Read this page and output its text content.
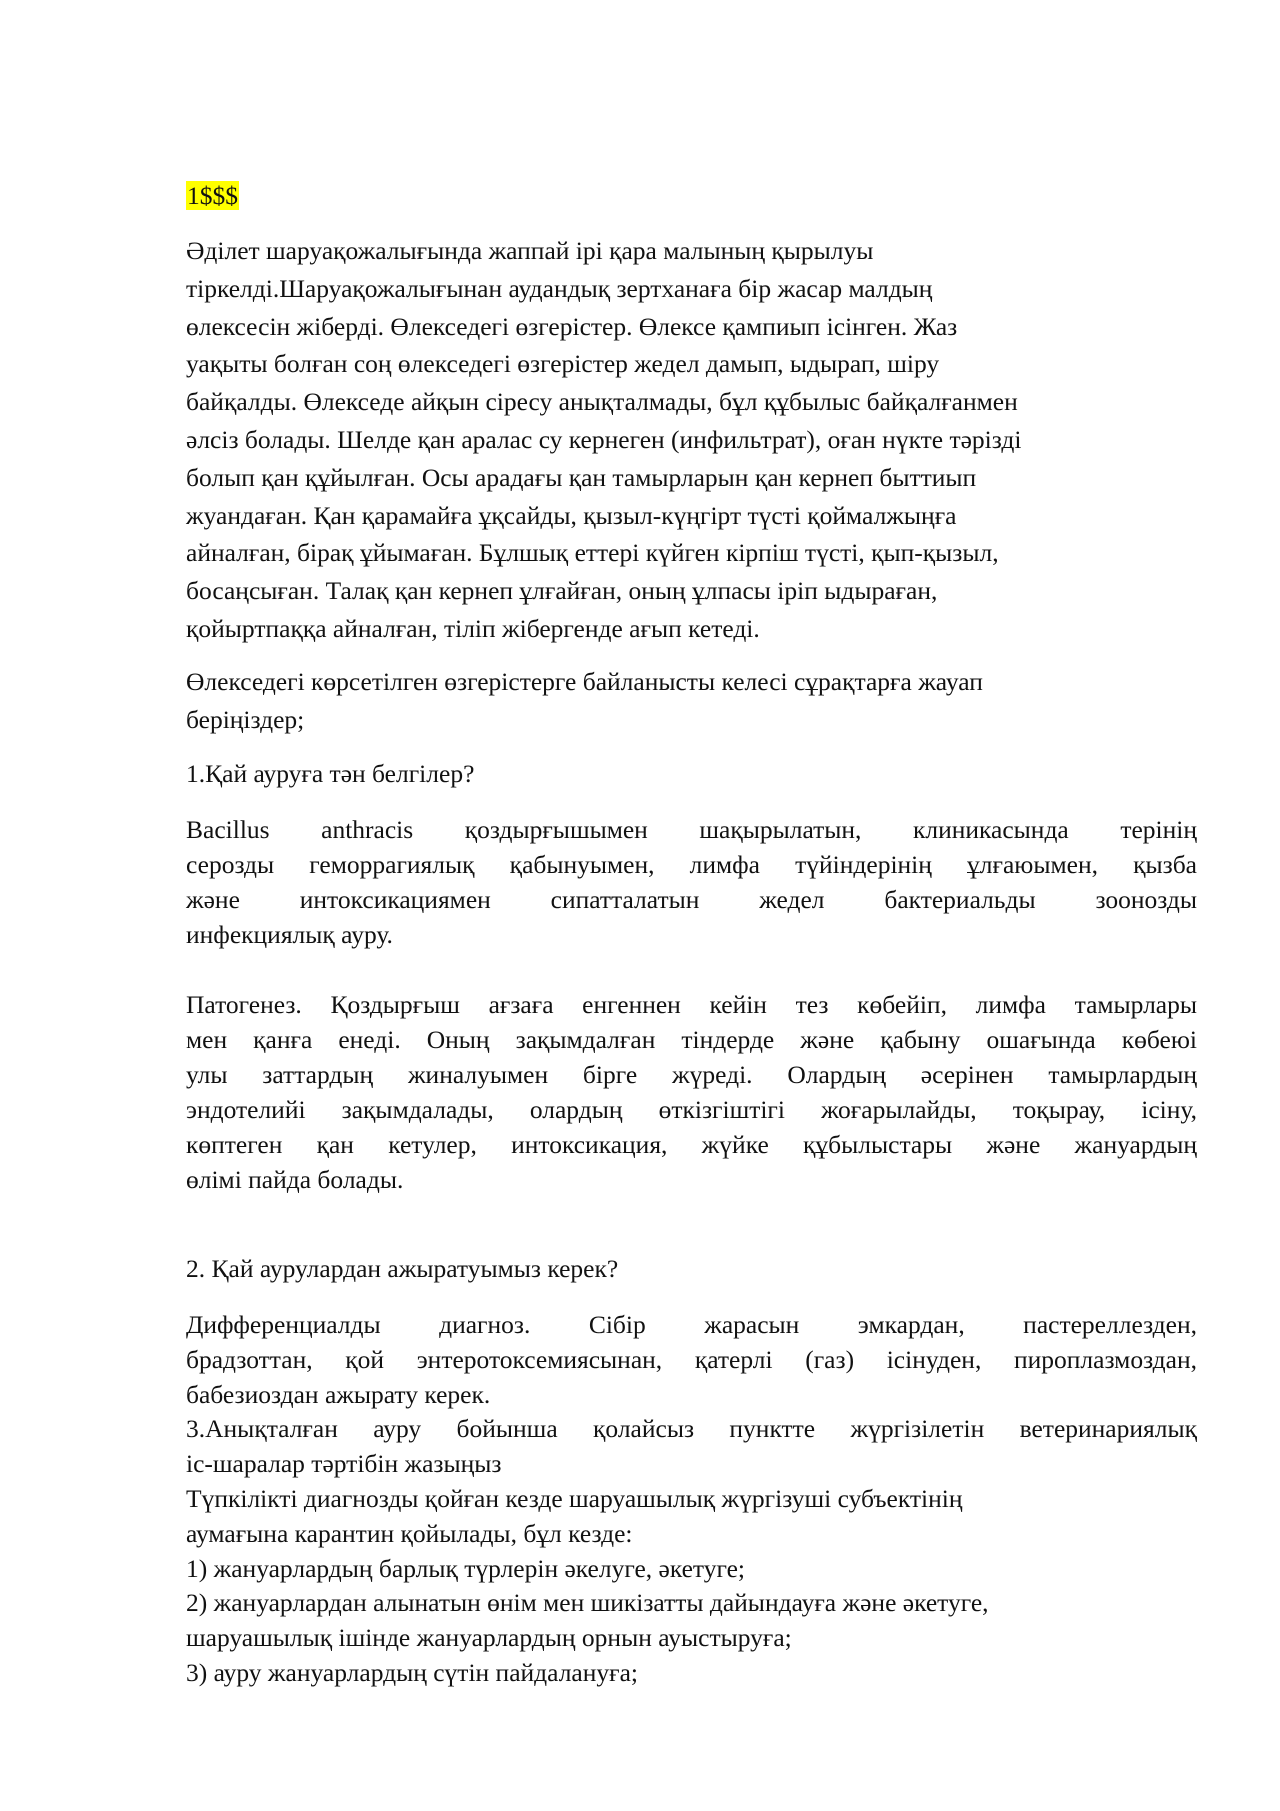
1$$$
Әділет шаруақожалығында жаппай ірі қара малының қырылуы
тіркелді.Шаруақожалығынан аудандық зертханаға бір жасар малдың
өлексесін жіберді. Өлекседегі өзгерістер. Өлексе қампиып ісінген. Жаз
уақыты болған соң өлекседегі өзгерістер жедел дамып, ыдырап, шіру
байқалды. Өлекседе айқын сіресу анықталмады, бұл құбылыс байқалғанмен
әлсіз болады. Шелде қан аралас су кернеген (инфильтрат), оған нүкте тәрізді
болып қан құйылған. Осы арадағы қан тамырларын қан кернеп быттиып
жуандаған. Қан қарамайға ұқсайды, қызыл-күңгірт түсті қоймалжыңға
айналған, бірақ ұйымаған. Бұлшық еттері күйген кірпіш түсті, қып-қызыл,
босаңсыған. Талақ қан кернеп ұлғайған, оның ұлпасы іріп ыдыраған,
қойыртпаққа айналған, тіліп жібергенде ағып кетеді.
Өлекседегі көрсетілген өзгерістерге байланысты келесі сұрақтарға жауап
беріңіздер;
1.Қай ауруға тән белгілер?
Bacillus anthracis қоздырғышымен шақырылатын, клиникасында терінің
серозды геморрагиялық қабынуымен, лимфа түйіндерінің ұлғаюымен, қызба
және интоксикациямен сипатталатын жедел бактериальды зоонозды
инфекциялық ауру.
Патогенез. Қоздырғыш ағзаға енгеннен кейін тез көбейіп, лимфа тамырлары
мен қанға енеді. Оның зақымдалған тіндерде және қабыну ошағында көбеюі
улы заттардың жиналуымен бірге жүреді. Олардың әсерінен тамырлардың
эндотелийі зақымдалады, олардың өткізгіштігі жоғарылайды, тоқырау, ісіну,
көптеген қан кетулер, интоксикация, жүйке құбылыстары және жануардың
өлімі пайда болады.
2. Қай аурулардан ажыратуымыз керек?
Дифференциалды диагноз. Сібір жарасын эмкардан, пастереллезден,
брадзоттан, қой энтеротоксемиясынан, қатерлі (газ) ісінуден, пироплазмоздан,
бабезиоздан ажырату керек.
3.Анықталған ауру бойынша қолайсыз пунктте жүргізілетін ветеринариялық
іс-шаралар тәртібін жазыңыз
Түпкілікті диагнозды қойған кезде шаруашылық жүргізуші субъектінің
аумағына карантин қойылады, бұл кезде:
1) жануарлардың барлық түрлерін әкелуге, әкетуге;
2) жануарлардан алынатын өнім мен шикізатты дайындауға және әкетуге,
шаруашылық ішінде жануарлардың орнын ауыстыруға;
3) ауру жануарлардың сүтін пайдалануға;
